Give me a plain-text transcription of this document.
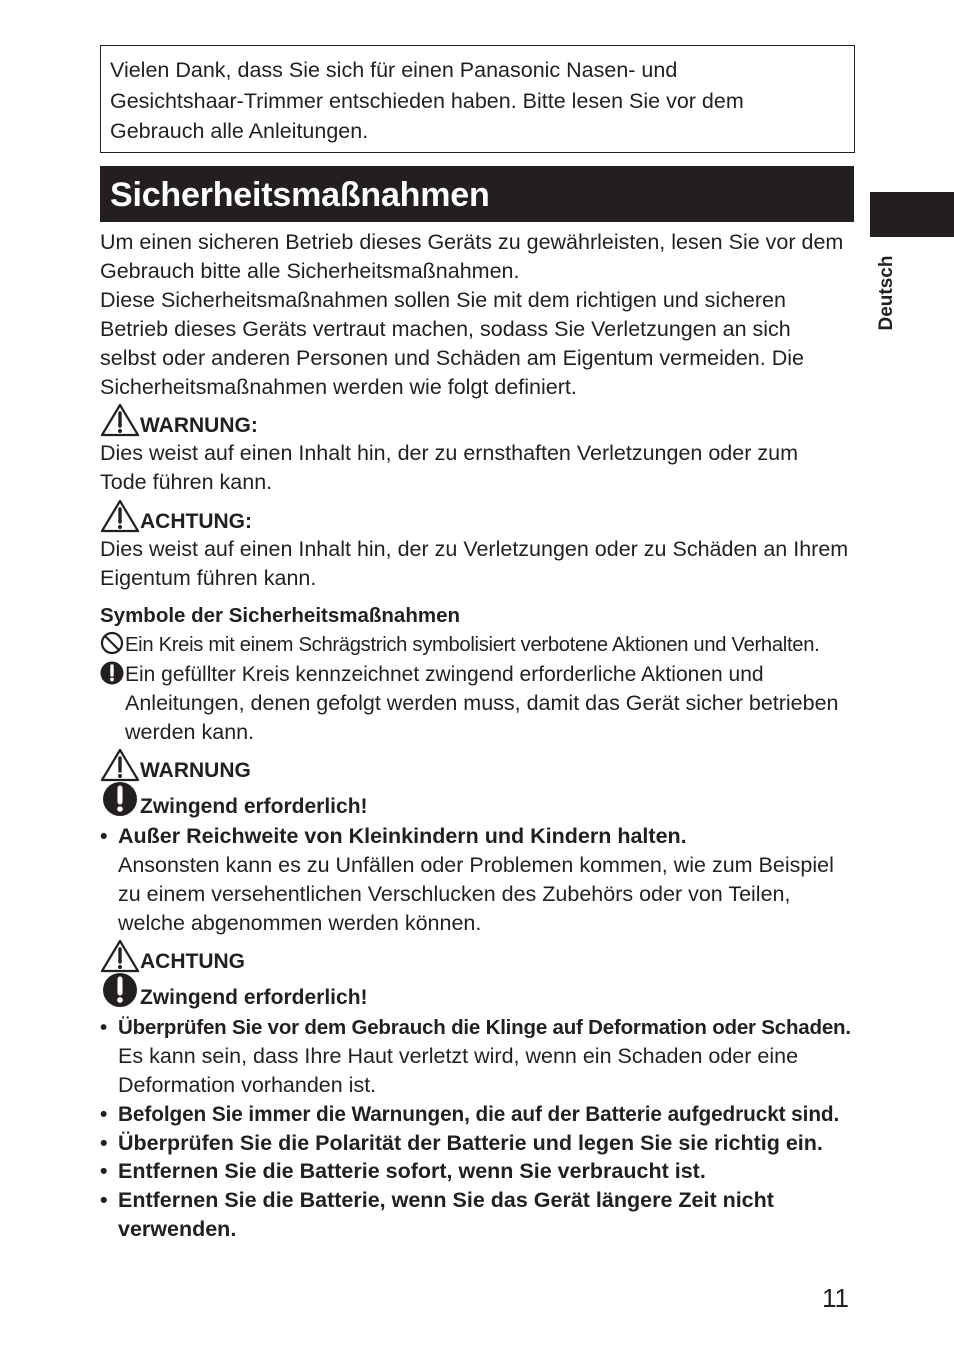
Vielen Dank, dass Sie sich für einen Panasonic Nasen- und
Gesichtshaar-Trimmer entschieden haben. Bitte lesen Sie vor dem
Gebrauch alle Anleitungen.
Sicherheitsmaßnahmen
Deutsch

Um einen sicheren Betrieb dieses Geräts zu gewährleisten, lesen Sie vor dem

Gebrauch bitte alle Sicherheitsmaßnahmen.

Diese Sicherheitsmaßnahmen sollen Sie mit dem richtigen und sicheren

Betrieb dieses Geräts vertraut machen, sodass Sie Verletzungen an sich

selbst oder anderen Personen und Schäden am Eigentum vermeiden. Die

Sicherheitsmaßnahmen werden wie folgt definiert.

WARNUNG:

Dies weist auf einen Inhalt hin, der zu ernsthaften Verletzungen oder zum

Tode führen kann.

ACHTUNG:

Dies weist auf einen Inhalt hin, der zu Verletzungen oder zu Schäden an Ihrem

Eigentum führen kann.

Symbole der Sicherheitsmaßnahmen

Ein Kreis mit einem Schrägstrich symbolisiert verbotene Aktionen und Verhalten.
Ein gefüllter Kreis kennzeichnet zwingend erforderliche Aktionen und
Anleitungen, denen gefolgt werden muss, damit das Gerät sicher betrieben
werden kann.
WARNUNG
Zwingend erforderlich!
• Außer Reichweite von Kleinkindern und Kindern halten.
Ansonsten kann es zu Unfällen oder Problemen kommen, wie zum Beispiel
zu einem versehentlichen Verschlucken des Zubehörs oder von Teilen,
welche abgenommen werden können.
ACHTUNG
Zwingend erforderlich!
• Überprüfen Sie vor dem Gebrauch die Klinge auf Deformation oder Schaden.
Es kann sein, dass Ihre Haut verletzt wird, wenn ein Schaden oder eine
Deformation vorhanden ist.
• Befolgen Sie immer die Warnungen, die auf der Batterie aufgedruckt sind.
• Überprüfen Sie die Polarität der Batterie und legen Sie sie richtig ein.
• Entfernen Sie die Batterie sofort, wenn Sie verbraucht ist.
• Entfernen Sie die Batterie, wenn Sie das Gerät längere Zeit nicht
verwenden.
11
